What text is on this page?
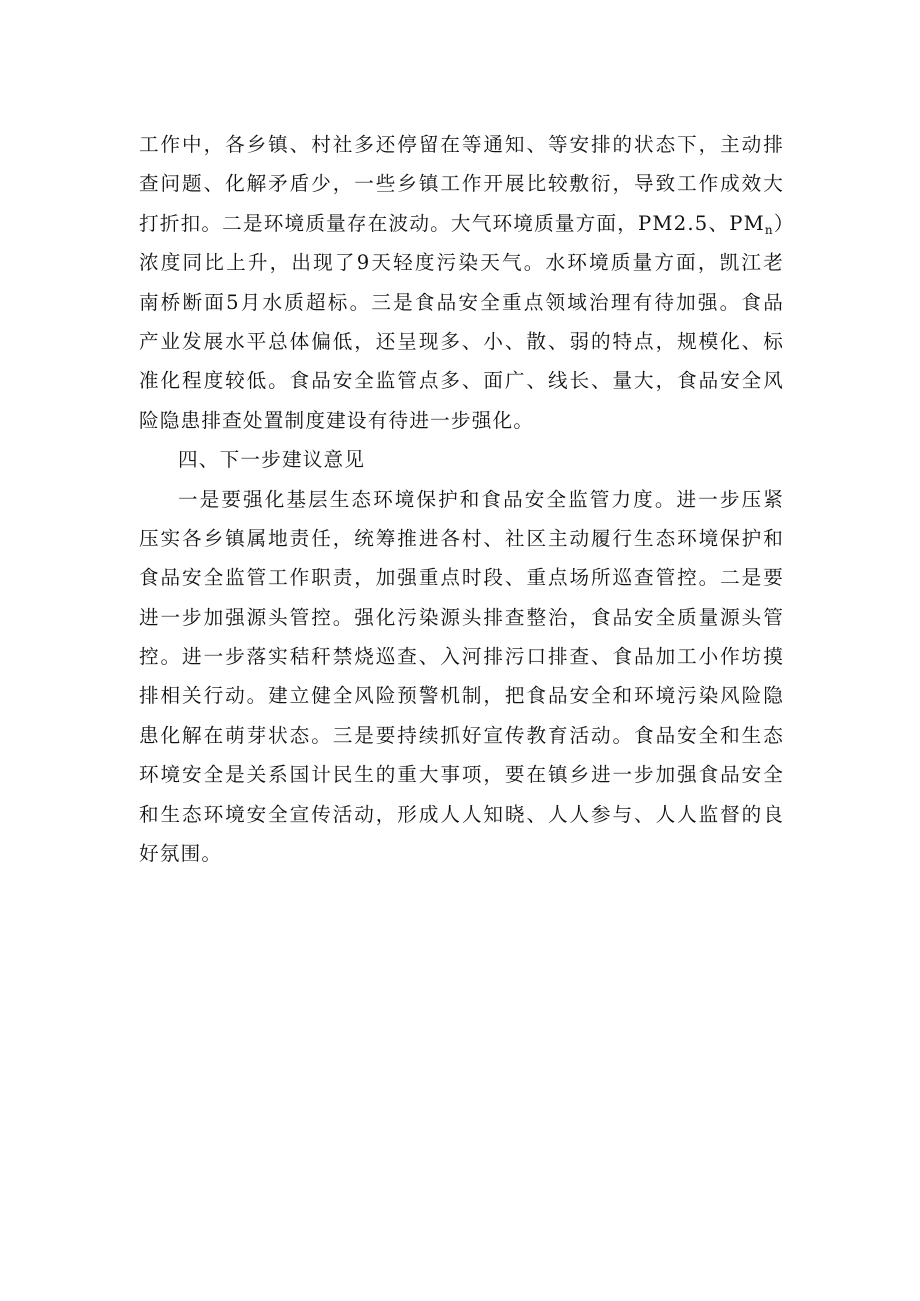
工作中，各乡镇、村社多还停留在等通知、等安排的状态下，主动排
查问题、化解矛盾少，一些乡镇工作开展比较敷衍，导致工作成效大
打折扣。二是环境质量存在波动。大气环境质量方面，PM2.5、$PM_n$）
浓度同比上升，出现了9天轻度污染天气。水环境质量方面，凯江老
南桥断面5月水质超标。三是食品安全重点领域治理有待加强。食品
产业发展水平总体偏低，还呈现多、小、散、弱的特点，规模化、标
准化程度较低。食品安全监管点多、面广、线长、量大，食品安全风
险隐患排查处置制度建设有待进一步强化。
四、下一步建议意见
一是要强化基层生态环境保护和食品安全监管力度。进一步压紧
压实各乡镇属地责任，统筹推进各村、社区主动履行生态环境保护和
食品安全监管工作职责，加强重点时段、重点场所巡查管控。二是要
进一步加强源头管控。强化污染源头排查整治，食品安全质量源头管
控。进一步落实秸秆禁烧巡查、入河排污口排查、食品加工小作坊摸
排相关行动。建立健全风险预警机制，把食品安全和环境污染风险隐
患化解在萌芽状态。三是要持续抓好宣传教育活动。食品安全和生态
环境安全是关系国计民生的重大事项，要在镇乡进一步加强食品安全
和生态环境安全宣传活动，形成人人知晓、人人参与、人人监督的良
好氛围。
